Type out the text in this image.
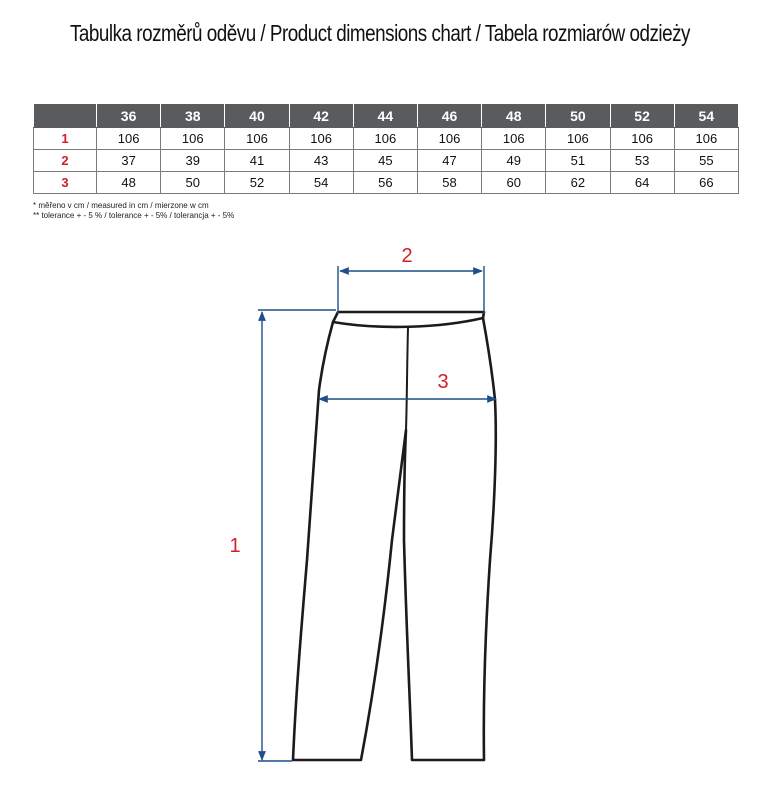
Tabulka rozměrů oděvu / Product dimensions chart / Tabela rozmiarów odzieży
	36	38	40	42	44	46	48	50	52	54
1	106	106	106	106	106	106	106	106	106	106
2	37	39	41	43	45	47	49	51	53	55
3	48	50	52	54	56	58	60	62	64	66
* měřeno v cm / measured in cm / mierzone w cm
** tolerance + - 5 % / tolerance + - 5% / tolerancja + - 5%
1
2
3
